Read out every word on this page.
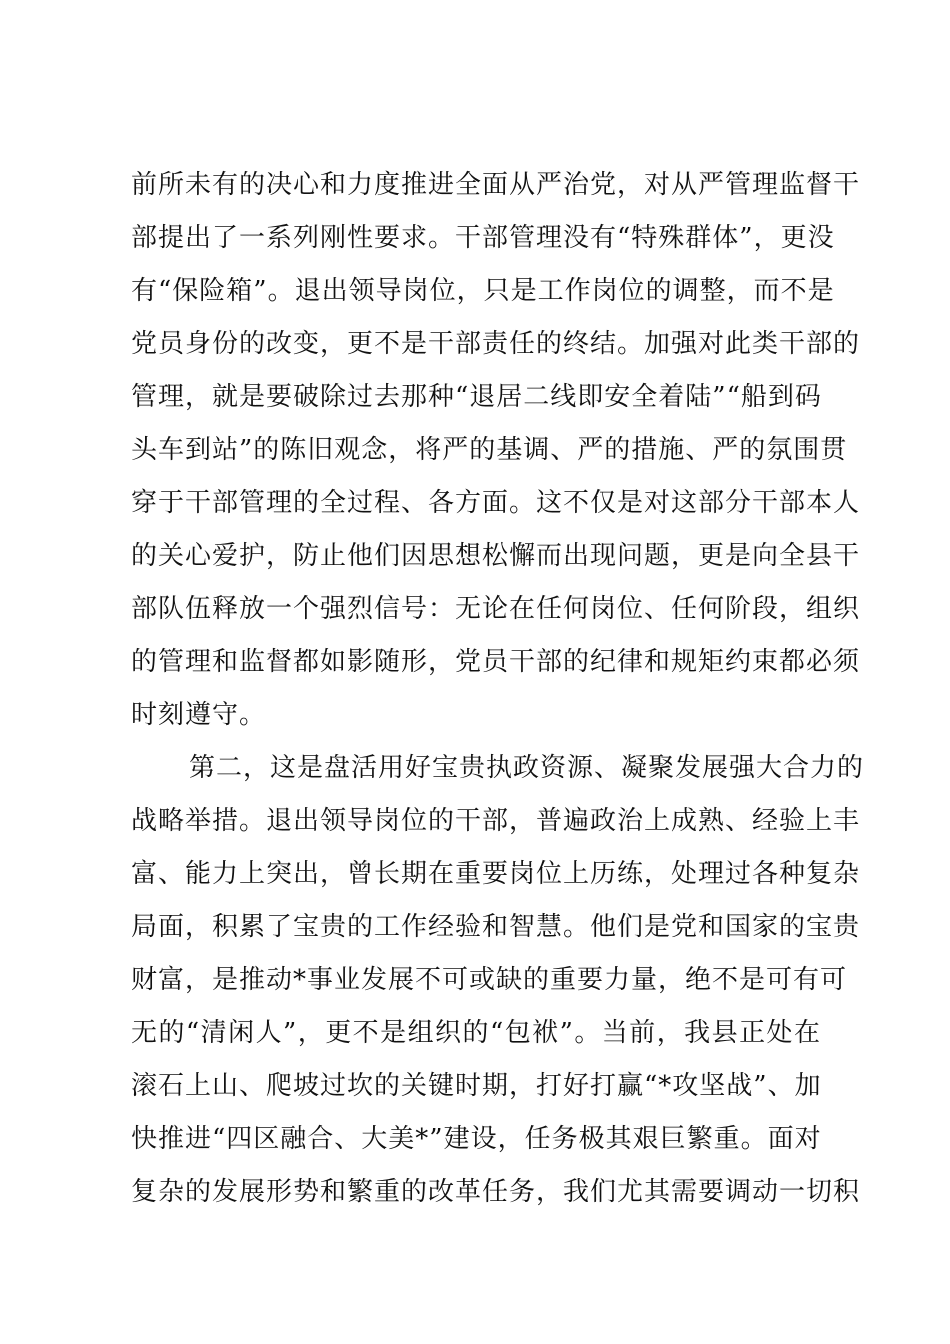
前所未有的决心和力度推进全面从严治党，对从严管理监督干
部提出了一系列刚性要求。干部管理没有“特殊群体”，更没
有“保险箱”。退出领导岗位，只是工作岗位的调整，而不是
党员身份的改变，更不是干部责任的终结。加强对此类干部的
管理，就是要破除过去那种“退居二线即安全着陆”“船到码
头车到站”的陈旧观念，将严的基调、严的措施、严的氛围贯
穿于干部管理的全过程、各方面。这不仅是对这部分干部本人
的关心爱护，防止他们因思想松懈而出现问题，更是向全县干
部队伍释放一个强烈信号：无论在任何岗位、任何阶段，组织
的管理和监督都如影随形，党员干部的纪律和规矩约束都必须
时刻遵守。
第二，这是盘活用好宝贵执政资源、凝聚发展强大合力的
战略举措。退出领导岗位的干部，普遍政治上成熟、经验上丰
富、能力上突出，曾长期在重要岗位上历练，处理过各种复杂
局面，积累了宝贵的工作经验和智慧。他们是党和国家的宝贵
财富，是推动*事业发展不可或缺的重要力量，绝不是可有可
无的“清闲人”，更不是组织的“包袱”。当前，我县正处在
滚石上山、爬坡过坎的关键时期，打好打赢“*攻坚战”、加
快推进“四区融合、大美*”建设，任务极其艰巨繁重。面对
复杂的发展形势和繁重的改革任务，我们尤其需要调动一切积
